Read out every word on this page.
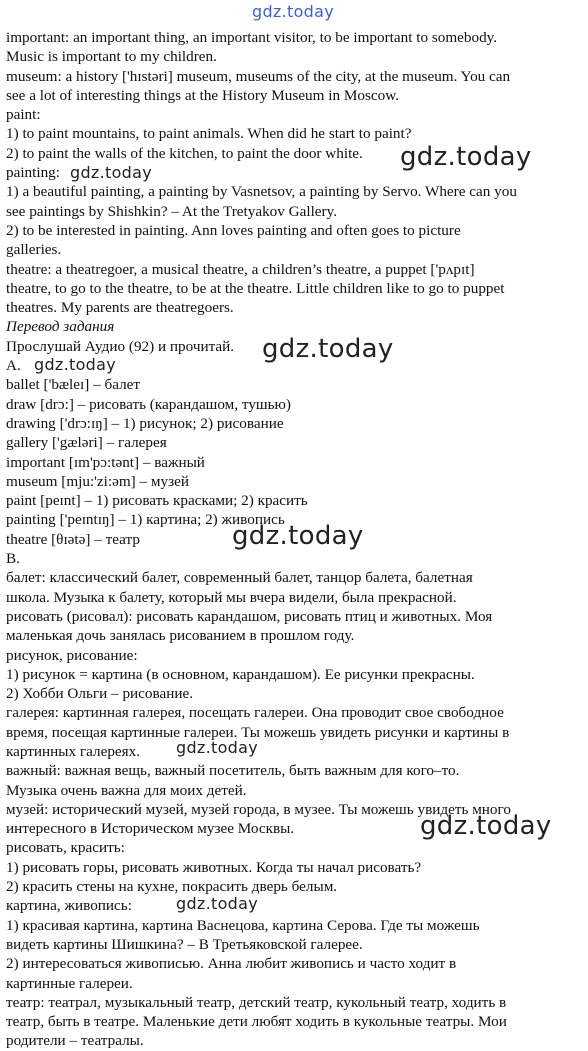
gdz.today
gdz.today
gdz.today
gdz.today
gdz.today
gdz.today
gdz.today
gdz.today
gdz.today

important: an important thing, an important visitor, to be important to somebody.

Music is important to my children.

museum: a history ['hɪstəri] museum, museums of the city, at the museum. You can

see a lot of interesting things at the History Museum in Moscow.

paint:

1) to paint mountains, to paint animals. When did he start to paint?

2) to paint the walls of the kitchen, to paint the door white.

painting:

1) a beautiful painting, a painting by Vasnetsov, a painting by Servo. Where can you

see paintings by Shishkin? – At the Tretyakov Gallery.

2) to be interested in painting. Ann loves painting and often goes to picture

galleries.

theatre: a theatregoer, a musical theatre, a children’s theatre, a puppet ['pʌpɪt]

theatre, to go to the theatre, to be at the theatre. Little children like to go to puppet

theatres. My parents are theatregoers.

Перевод задания

Прослушай Аудио (92) и прочитай.

A.

ballet ['bæleɪ] – балет

draw [drɔ:] – рисовать (карандашом, тушью)

drawing ['drɔ:ɪŋ] – 1) рисунок; 2) рисование

gallery ['gæləri] – галерея

important [ɪm'pɔ:tənt] – важный

museum [mju:'zi:əm] – музей

paint [peɪnt] – 1) рисовать красками; 2) красить

painting ['peɪntɪŋ] – 1) картина; 2) живопись

theatre [θɪətə] – театр

B.

балет: классический балет, современный балет, танцор балета, балетная

школа. Музыка к балету, который мы вчера видели, была прекрасной.

рисовать (рисовал): рисовать карандашом, рисовать птиц и животных. Моя

маленькая дочь занялась рисованием в прошлом году.

рисунок, рисование:

1) рисунок = картина (в основном, карандашом). Ее рисунки прекрасны.

2) Хобби Ольги – рисование.

галерея: картинная галерея, посещать галереи. Она проводит свое свободное

время, посещая картинные галереи. Ты можешь увидеть рисунки и картины в

картинных галереях.

важный: важная вещь, важный посетитель, быть важным для кого–то.

Музыка очень важна для моих детей.

музей: исторический музей, музей города, в музее. Ты можешь увидеть много

интересного в Историческом музее Москвы.

рисовать, красить:

1) рисовать горы, рисовать животных. Когда ты начал рисовать?

2) красить стены на кухне, покрасить дверь белым.

картина, живопись:

1) красивая картина, картина Васнецова, картина Серова. Где ты можешь

видеть картины Шишкина? – В Третьяковской галерее.

2) интересоваться живописью. Анна любит живопись и часто ходит в

картинные галереи.

театр: театрал, музыкальный театр, детский театр, кукольный театр, ходить в

театр, быть в театре. Маленькие дети любят ходить в кукольные театры. Мои

родители – театралы.
